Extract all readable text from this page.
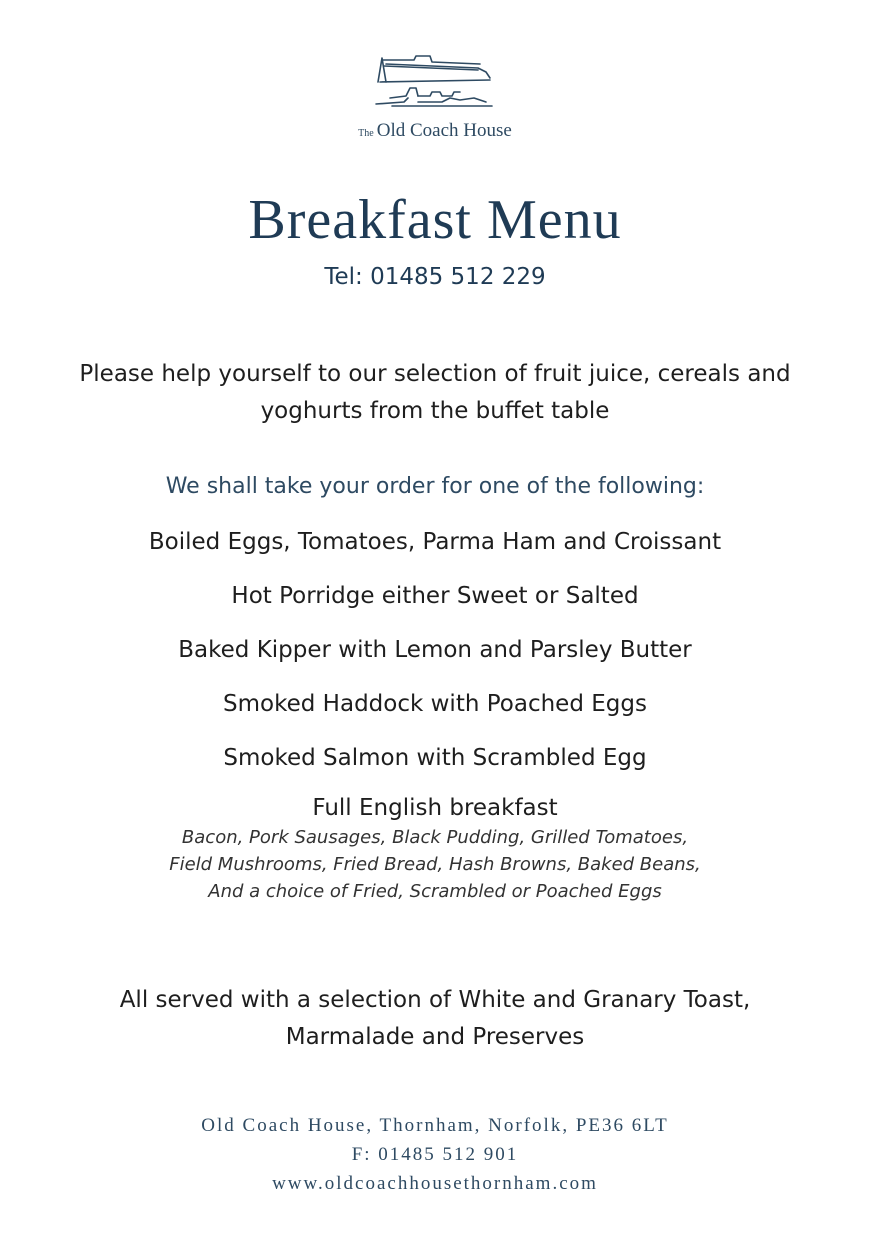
The Old Coach House
Breakfast Menu
Tel: 01485 512 229
Please help yourself to our selection of fruit juice, cereals and yoghurts from the buffet table
We shall take your order for one of the following:
Boiled Eggs, Tomatoes, Parma Ham and Croissant
Hot Porridge either Sweet or Salted
Baked Kipper with Lemon and Parsley Butter
Smoked Haddock with Poached Eggs
Smoked Salmon with Scrambled Egg
Full English breakfast
Bacon, Pork Sausages, Black Pudding, Grilled Tomatoes,
Field Mushrooms, Fried Bread, Hash Browns, Baked Beans,
And a choice of Fried, Scrambled or Poached Eggs
All served with a selection of White and Granary Toast, Marmalade and Preserves
Old Coach House, Thornham, Norfolk, PE36 6LT
F: 01485 512 901
www.oldcoachhousethornham.com
